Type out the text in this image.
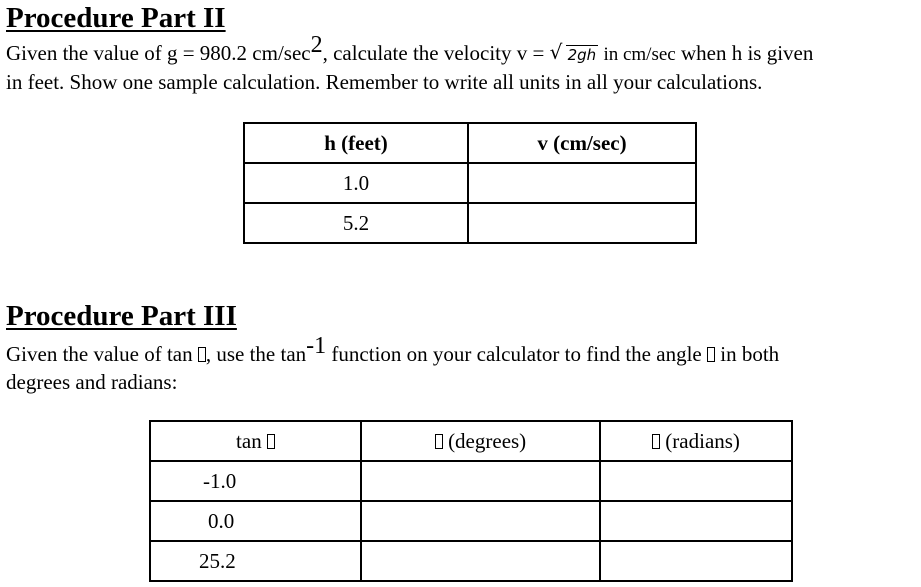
Procedure Part II

Given the value of g = 980.2 cm/sec2, calculate the velocity v = √ 2gh in cm/sec when h is given

in feet. Show one sample calculation. Remember to write all units in all your calculations.

h (feet)	v (cm/sec)
1.0	
5.2	
Procedure Part III

Given the value of tan , use the tan-1 function on your calculator to find the angle  in both

degrees and radians:

tan	(degrees)	(radians)
-1.0		
0.0		
25.2		
